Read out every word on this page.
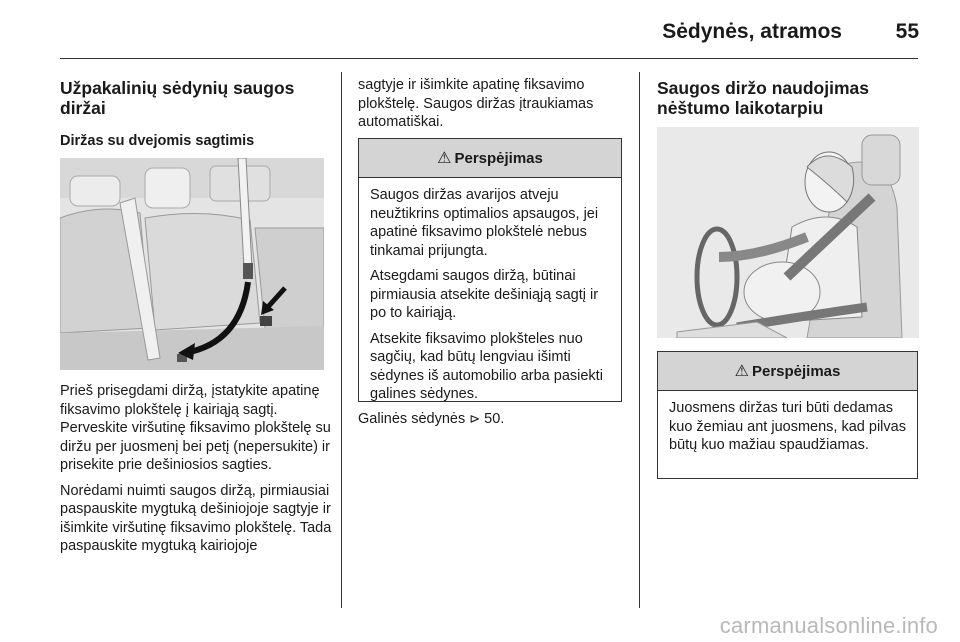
Sėdynės, atramos	55
Užpakalinių sėdynių saugos diržai
Diržas su dvejomis sagtimis

Prieš prisegdami diržą, įstatykite apatinę fiksavimo plokštelę į kairiąją sagtį. Perveskite viršutinę fiksavimo plokštelę su diržu per juosmenį bei petį (nepersukite) ir prisekite prie dešiniosios sagties.

Norėdami nuimti saugos diržą, pirmiausiai paspauskite mygtuką dešiniojoje sagtyje ir išimkite viršutinę fiksavimo plokštelę. Tada paspauskite mygtuką kairiojoje

sagtyje ir išimkite apatinę fiksavimo plokštelę. Saugos diržas įtraukiamas automatiškai.

⚠ Perspėjimas

Saugos diržas avarijos atveju neužtikrins optimalios apsaugos, jei apatinė fiksavimo plokštelė nebus tinkamai prijungta.

Atsegdami saugos diržą, būtinai pirmiausia atsekite dešiniąją sagtį ir po to kairiąją.

Atsekite fiksavimo plokšteles nuo sagčių, kad būtų lengviau išimti sėdynes iš automobilio arba pasiekti galines sėdynes.

Galinės sėdynės ⊳ 50.

Saugos diržo naudojimas nėštumo laikotarpiu
⚠ Perspėjimas

Juosmens diržas turi būti dedamas kuo žemiau ant juosmens, kad pilvas būtų kuo mažiau spaudžiamas.

carmanualsonline.info
